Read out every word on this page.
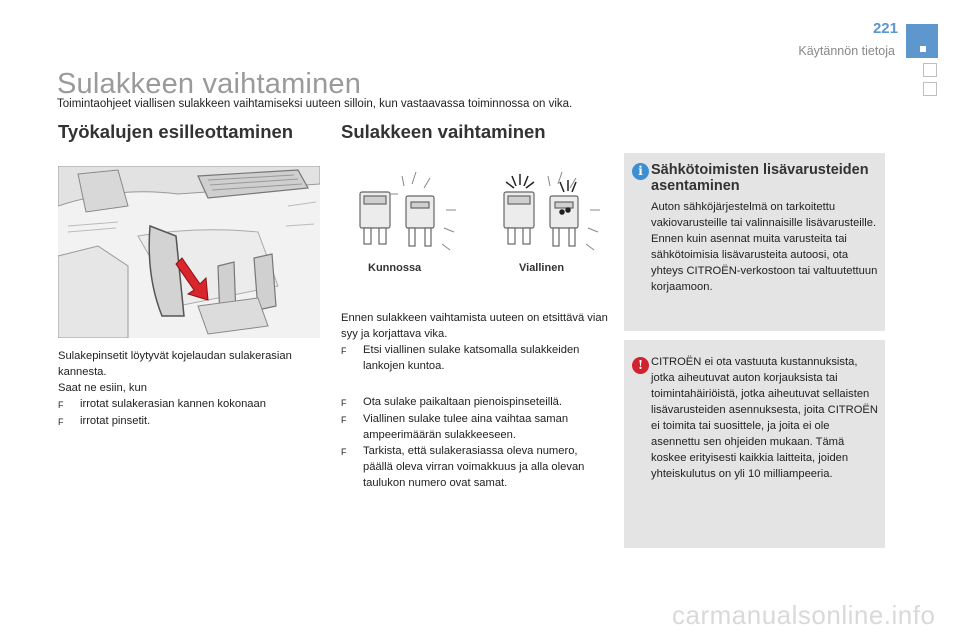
221
Käytännön tietoja
Sulakkeen vaihtaminen
Toimintaohjeet viallisen sulakkeen vaihtamiseksi uuteen silloin, kun vastaavassa toiminnossa on vika.
Työkalujen esilleottaminen

Sulakepinsetit löytyvät kojelaudan sulakerasian kannesta.

Saat ne esiin, kun

F	irrotat sulakerasian kannen kokonaan
F	irrotat pinsetit.
Sulakkeen vaihtaminen
Kunnossa	Viallinen

Ennen sulakkeen vaihtamista uuteen on etsittävä vian syy ja korjattava vika.

F	Etsi viallinen sulake katsomalla sulakkeiden lankojen kuntoa.
F	Ota sulake paikaltaan pienoispinseteillä.
F	Viallinen sulake tulee aina vaihtaa saman ampeerimäärän sulakkeeseen.
F	Tarkista, että sulakerasiassa oleva numero, päällä oleva virran voimakkuus ja alla olevan taulukon numero ovat samat.
i Sähkötoimisten lisävarusteiden asentaminen

Auton sähköjärjestelmä on tarkoitettu vakiovarusteille tai valinnaisille lisävarusteille.

Ennen kuin asennat muita varusteita tai sähkötoimisia lisävarusteita autoosi, ota yhteys CITROËN-verkostoon tai valtuutettuun korjaamoon.

! CITROËN ei ota vastuuta kustannuksista, jotka aiheutuvat auton korjauksista tai toimintahäiriöistä, jotka aiheutuvat sellaisten lisävarusteiden asennuksesta, joita CITROËN ei toimita tai suosittele, ja joita ei ole asennettu sen ohjeiden mukaan. Tämä koskee erityisesti kaikkia laitteita, joiden yhteiskulutus on yli 10 milliampeeria.
carmanualsonline.info
